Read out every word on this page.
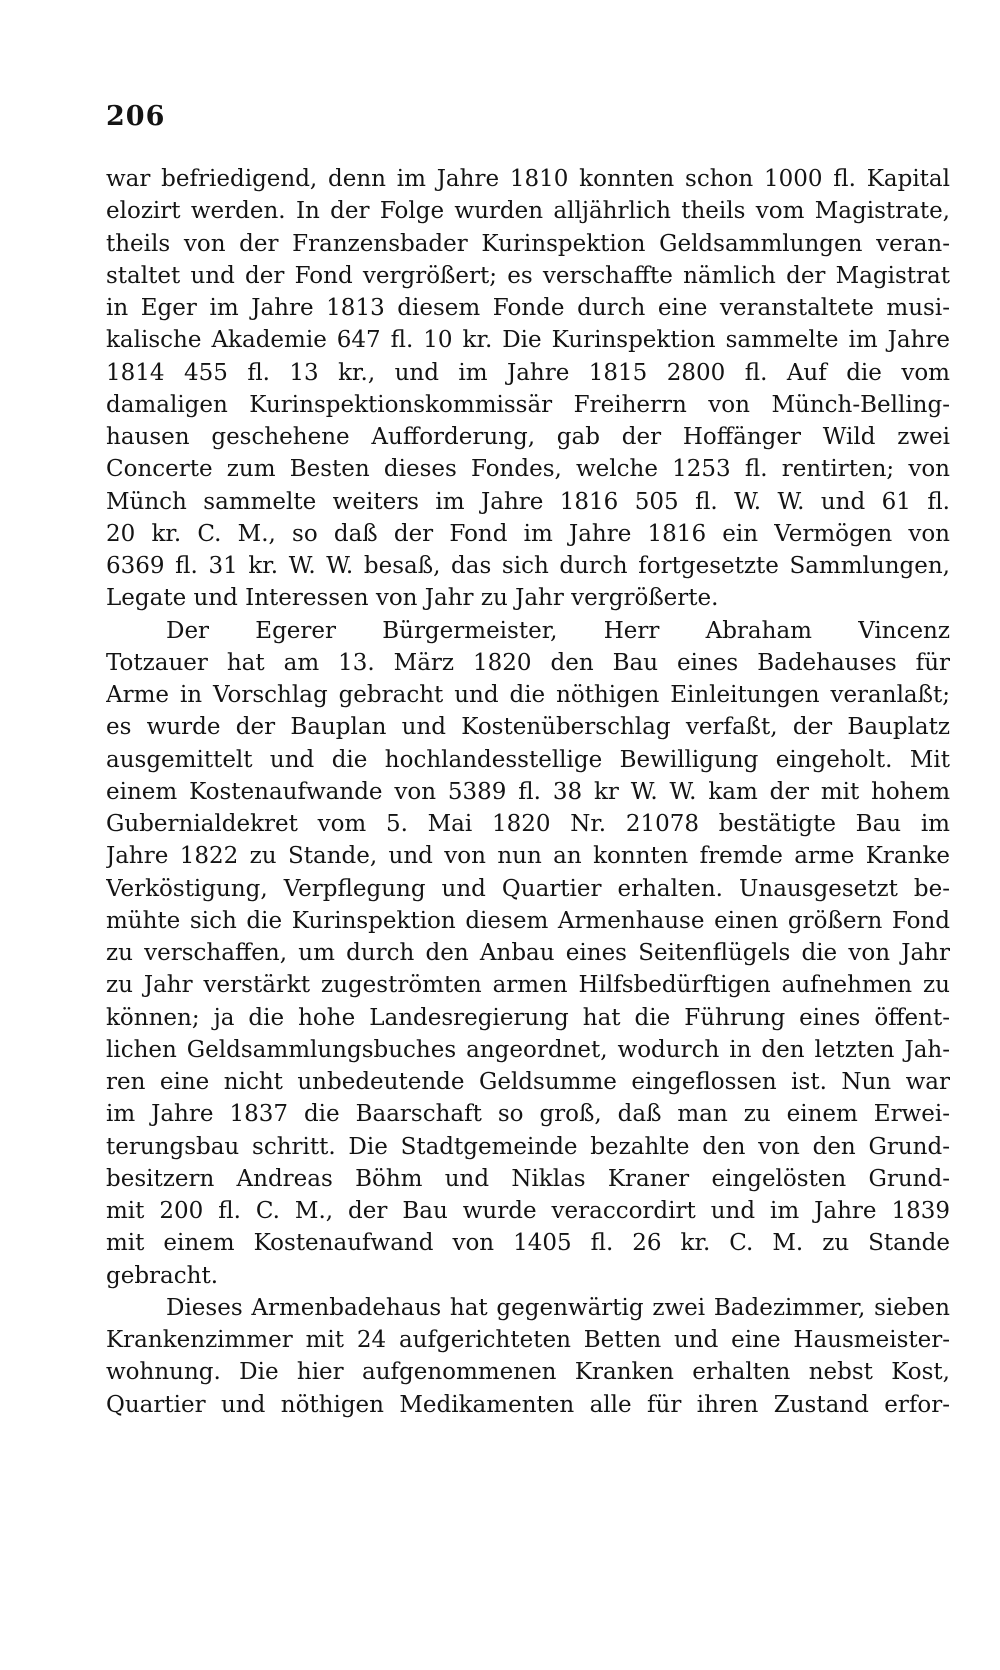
206
war befriedigend, denn im Jahre 1810 konnten schon 1000 fl. Kapital
elozirt werden. In der Folge wurden alljährlich theils vom Magistrate,
theils von der Franzensbader Kurinspektion Geldsammlungen veran-
staltet und der Fond vergrößert; es verschaffte nämlich der Magistrat
in Eger im Jahre 1813 diesem Fonde durch eine veranstaltete musi-
kalische Akademie 647 fl. 10 kr. Die Kurinspektion sammelte im Jahre
1814 455 fl. 13 kr., und im Jahre 1815 2800 fl. Auf die vom
damaligen Kurinspektionskommissär Freiherrn von Münch-Belling-
hausen geschehene Aufforderung, gab der Hoffänger Wild zwei
Concerte zum Besten dieses Fondes, welche 1253 fl. rentirten; von
Münch sammelte weiters im Jahre 1816 505 fl. W. W. und 61 fl.
20 kr. C. M., so daß der Fond im Jahre 1816 ein Vermögen von
6369 fl. 31 kr. W. W. besaß, das sich durch fortgesetzte Sammlungen,
Legate und Interessen von Jahr zu Jahr vergrößerte.
Der Egerer Bürgermeister, Herr Abraham Vincenz
Totzauer hat am 13. März 1820 den Bau eines Badehauses für
Arme in Vorschlag gebracht und die nöthigen Einleitungen veranlaßt;
es wurde der Bauplan und Kostenüberschlag verfaßt, der Bauplatz
ausgemittelt und die hochlandesstellige Bewilligung eingeholt. Mit
einem Kostenaufwande von 5389 fl. 38 kr W. W. kam der mit hohem
Gubernialdekret vom 5. Mai 1820 Nr. 21078 bestätigte Bau im
Jahre 1822 zu Stande, und von nun an konnten fremde arme Kranke
Verköstigung, Verpflegung und Quartier erhalten. Unausgesetzt be-
mühte sich die Kurinspektion diesem Armenhause einen größern Fond
zu verschaffen, um durch den Anbau eines Seitenflügels die von Jahr
zu Jahr verstärkt zugeströmten armen Hilfsbedürftigen aufnehmen zu
können; ja die hohe Landesregierung hat die Führung eines öffent-
lichen Geldsammlungsbuches angeordnet, wodurch in den letzten Jah-
ren eine nicht unbedeutende Geldsumme eingeflossen ist. Nun war
im Jahre 1837 die Baarschaft so groß, daß man zu einem Erwei-
terungsbau schritt. Die Stadtgemeinde bezahlte den von den Grund-
besitzern Andreas Böhm und Niklas Kraner eingelösten Grund-
mit 200 fl. C. M., der Bau wurde veraccordirt und im Jahre 1839
mit einem Kostenaufwand von 1405 fl. 26 kr. C. M. zu Stande
gebracht.
Dieses Armenbadehaus hat gegenwärtig zwei Badezimmer, sieben
Krankenzimmer mit 24 aufgerichteten Betten und eine Hausmeister-
wohnung. Die hier aufgenommenen Kranken erhalten nebst Kost,
Quartier und nöthigen Medikamenten alle für ihren Zustand erfor-
